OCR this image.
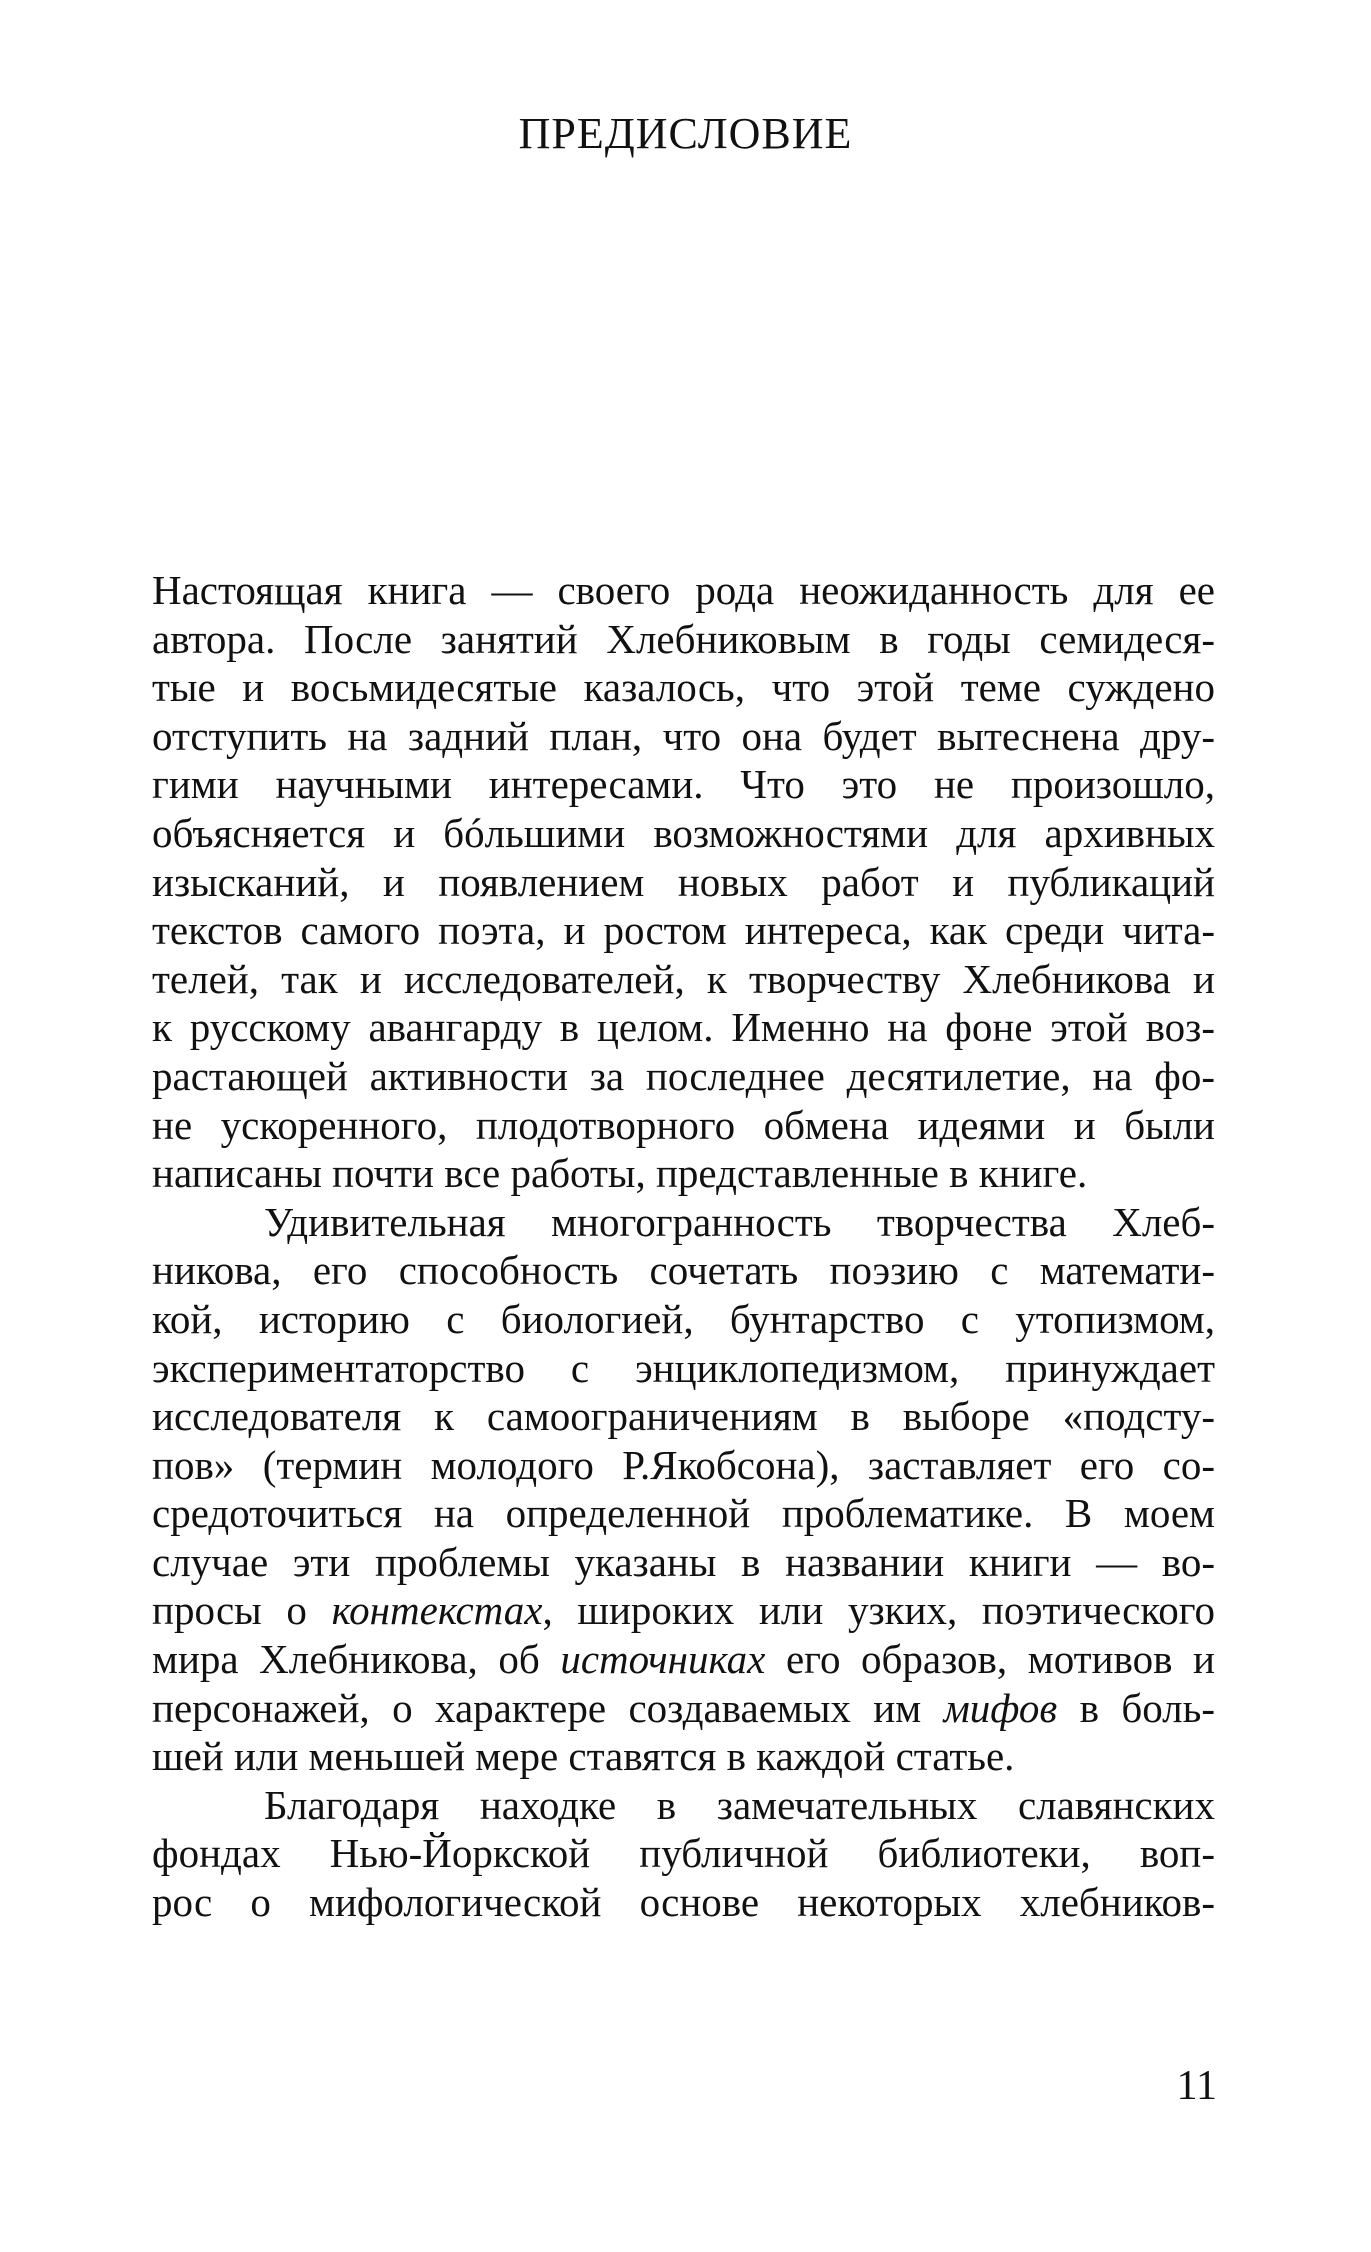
ПРЕДИСЛОВИЕ
Настоящая книга — своего рода неожиданность для ее
автора. После занятий Хлебниковым в годы семидеся-
тые и восьмидесятые казалось, что этой теме суждено
отступить на задний план, что она будет вытеснена дру-
гими научными интересами. Что это не произошло,
объясняется и бóльшими возможностями для архивных
изысканий, и появлением новых работ и публикаций
текстов самого поэта, и ростом интереса, как среди чита-
телей, так и исследователей, к творчеству Хлебникова и
к русскому авангарду в целом. Именно на фоне этой воз-
растающей активности за последнее десятилетие, на фо-
не ускоренного, плодотворного обмена идеями и были
написаны почти все работы, представленные в книге.
Удивительная многогранность творчества Хлеб-
никова, его способность сочетать поэзию с математи-
кой, историю с биологией, бунтарство с утопизмом,
экспериментаторство с энциклопедизмом, принуждает
исследователя к самоограничениям в выборе «подсту-
пов» (термин молодого Р.Якобсона), заставляет его со-
средоточиться на определенной проблематике. В моем
случае эти проблемы указаны в названии книги — во-
просы о контекстах, широких или узких, поэтического
мира Хлебникова, об источниках его образов, мотивов и
персонажей, о характере создаваемых им мифов в боль-
шей или меньшей мере ставятся в каждой статье.
Благодаря находке в замечательных славянских
фондах Нью-Йоркской публичной библиотеки, воп-
рос о мифологической основе некоторых хлебников-
11
